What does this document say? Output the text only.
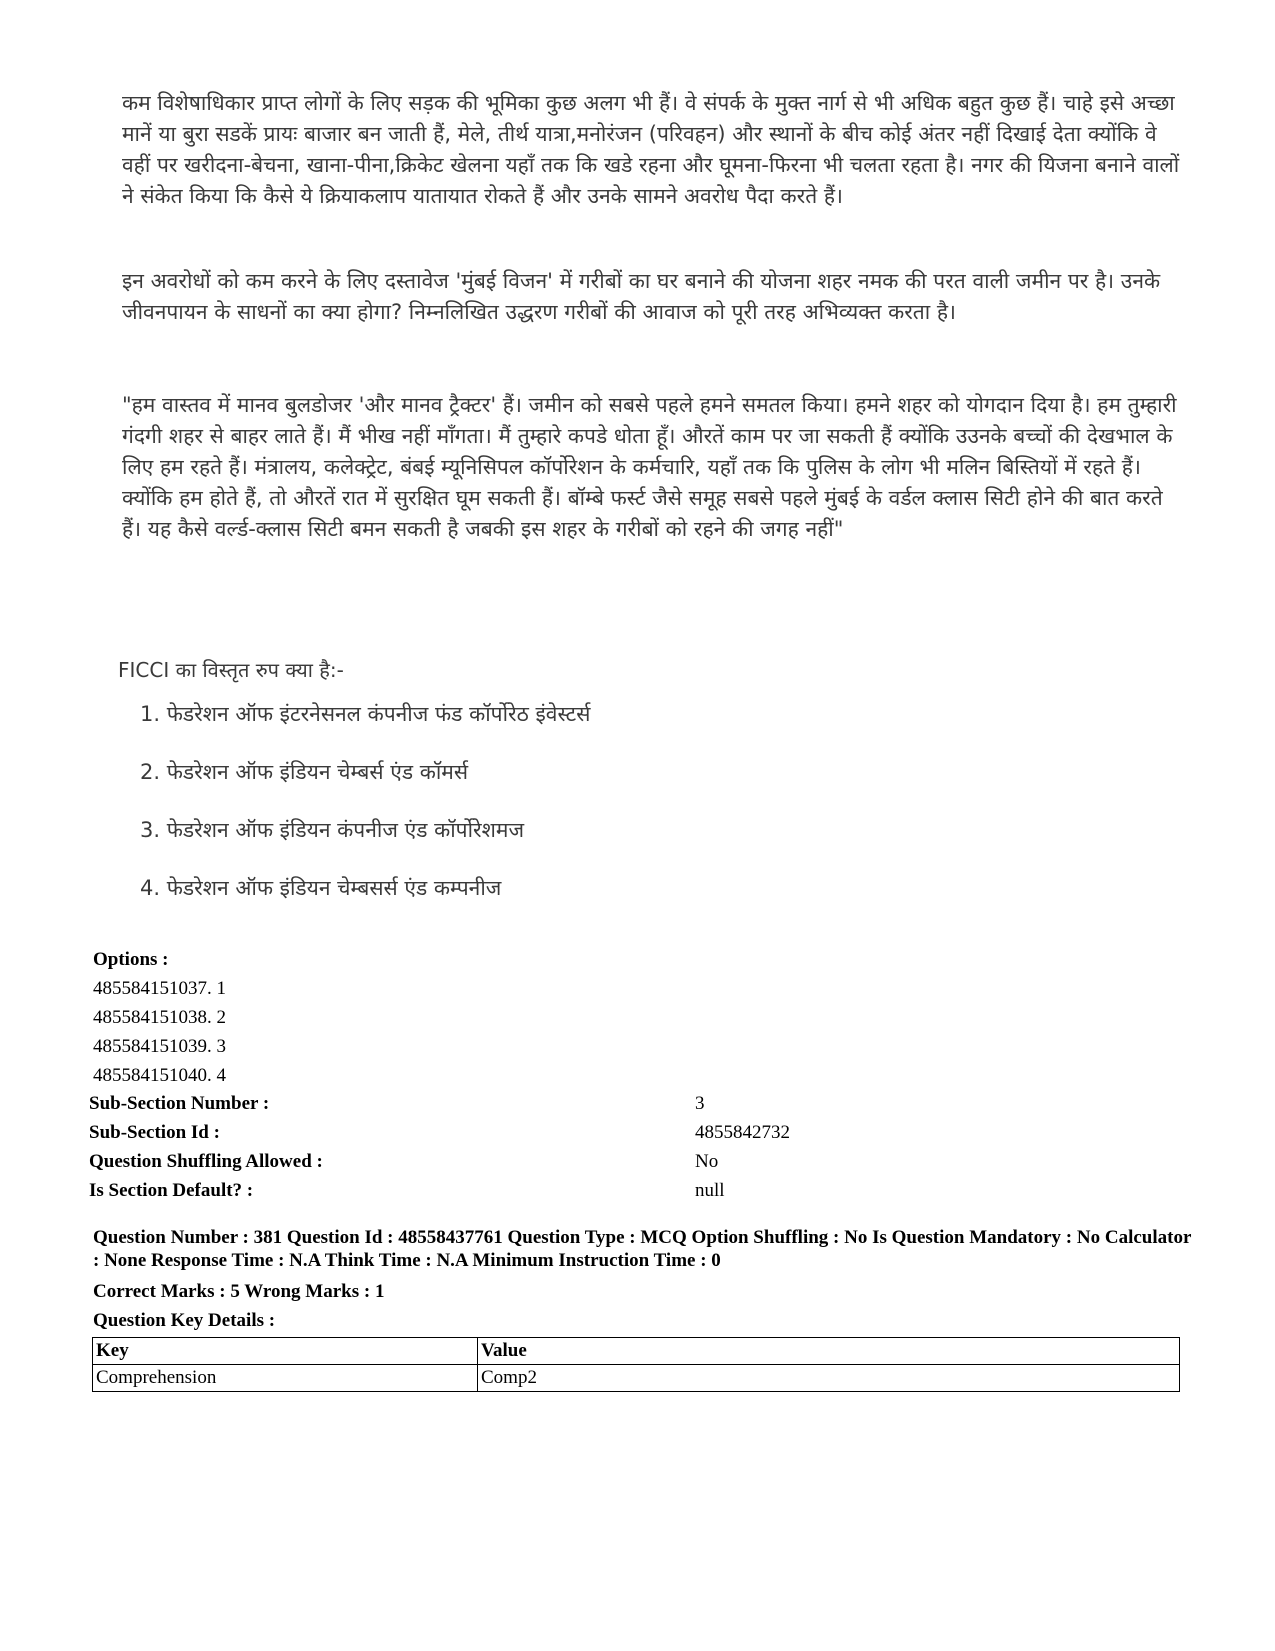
कम विशेषाधिकार प्राप्त लोगों के लिए सड़क की भूमिका कुछ अलग भी हैं। वे संपर्क के मुक्त नार्ग से भी अधिक बहुत कुछ हैं। चाहे इसे अच्छा मानें या बुरा सडकें प्रायः बाजार बन जाती हैं, मेले, तीर्थ यात्रा,मनोरंजन (परिवहन) और स्थानों के बीच कोई अंतर नहीं दिखाई देता क्योंकि वे वहीं पर खरीदना-बेचना, खाना-पीना,क्रिकेट खेलना यहाँ तक कि खडे रहना और घूमना-फिरना भी चलता रहता है। नगर की यिजना बनाने वालों ने संकेत किया कि कैसे ये क्रियाकलाप यातायात रोकते हैं और उनके सामने अवरोध पैदा करते हैं।

इन अवरोधों को कम करने के लिए दस्तावेज 'मुंबई विजन' में गरीबों का घर बनाने की योजना शहर नमक की परत वाली जमीन पर है। उनके जीवनपायन के साधनों का क्या होगा? निम्नलिखित उद्धरण गरीबों की आवाज को पूरी तरह अभिव्यक्त करता है।

"हम वास्तव में मानव बुलडोजर 'और मानव ट्रैक्टर' हैं। जमीन को सबसे पहले हमने समतल किया। हमने शहर को योगदान दिया है। हम तुम्हारी गंदगी शहर से बाहर लाते हैं। मैं भीख नहीं माँगता। मैं तुम्हारे कपडे धोता हूँ। औरतें काम पर जा सकती हैं क्योंकि उउनके बच्चों की देखभाल के लिए हम रहते हैं। मंत्रालय, कलेक्ट्रेट, बंबई म्यूनिसिपल कॉर्पोरेशन के कर्मचारि, यहाँ तक कि पुलिस के लोग भी मलिन बिस्तियों में रहते हैं। क्योंकि हम होते हैं, तो औरतें रात में सुरक्षित घूम सकती हैं। बॉम्बे फर्स्ट जैसे समूह सबसे पहले मुंबई के वर्डल क्लास सिटी होने की बात करते हैं। यह कैसे वर्ल्ड-क्लास सिटी बमन सकती है जबकी इस शहर के गरीबों को रहने की जगह नहीं"

FICCI का विस्तृत रुप क्या है:-

1. फेडरेशन ऑफ इंटरनेसनल कंपनीज फंड कॉर्पोरेठ इंवेस्टर्स
2. फेडरेशन ऑफ इंडियन चेम्बर्स एंड कॉमर्स
3. फेडरेशन ऑफ इंडियन कंपनीज एंड कॉर्पोरेशमज
4. फेडरेशन ऑफ इंडियन चेम्बसर्स एंड कम्पनीज
Options :
485584151037. 1
485584151038. 2
485584151039. 3
485584151040. 4
Sub-Section Number :	3
Sub-Section Id :	4855842732
Question Shuffling Allowed :	No
Is Section Default? :	null
Question Number : 381 Question Id : 48558437761 Question Type : MCQ Option Shuffling : No Is Question Mandatory : No Calculator : None Response Time : N.A Think Time : N.A Minimum Instruction Time : 0
Correct Marks : 5 Wrong Marks : 1
Question Key Details :
Key	Value
Comprehension	Comp2
